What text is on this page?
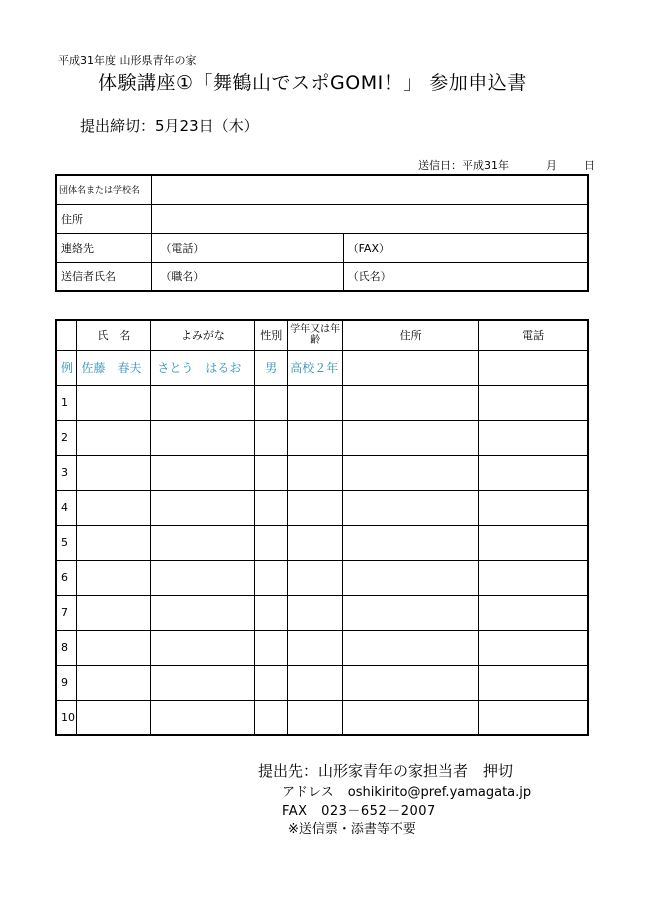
平成31年度 山形県青年の家
体験講座①「舞鶴山でスポGOMI！」 参加申込書
提出締切：5月23日（木）
送信日：平成31年	月 日
団体名または学校名		
住所		
連絡先	（電話）	（FAX）
送信者氏名	（職名）	（氏名）
	氏　名	よみがな	性別	学年又は年齢	住所	電話
例	佐藤　春夫	さとう　はるお	男	高校２年		
1						
2						
3						
4						
5						
6						
7						
8						
9						
10						
提出先：山形家青年の家担当者　押切
アドレス oshikirito@pref.yamagata.jp
FAX　023－652－2007
※送信票・添書等不要
